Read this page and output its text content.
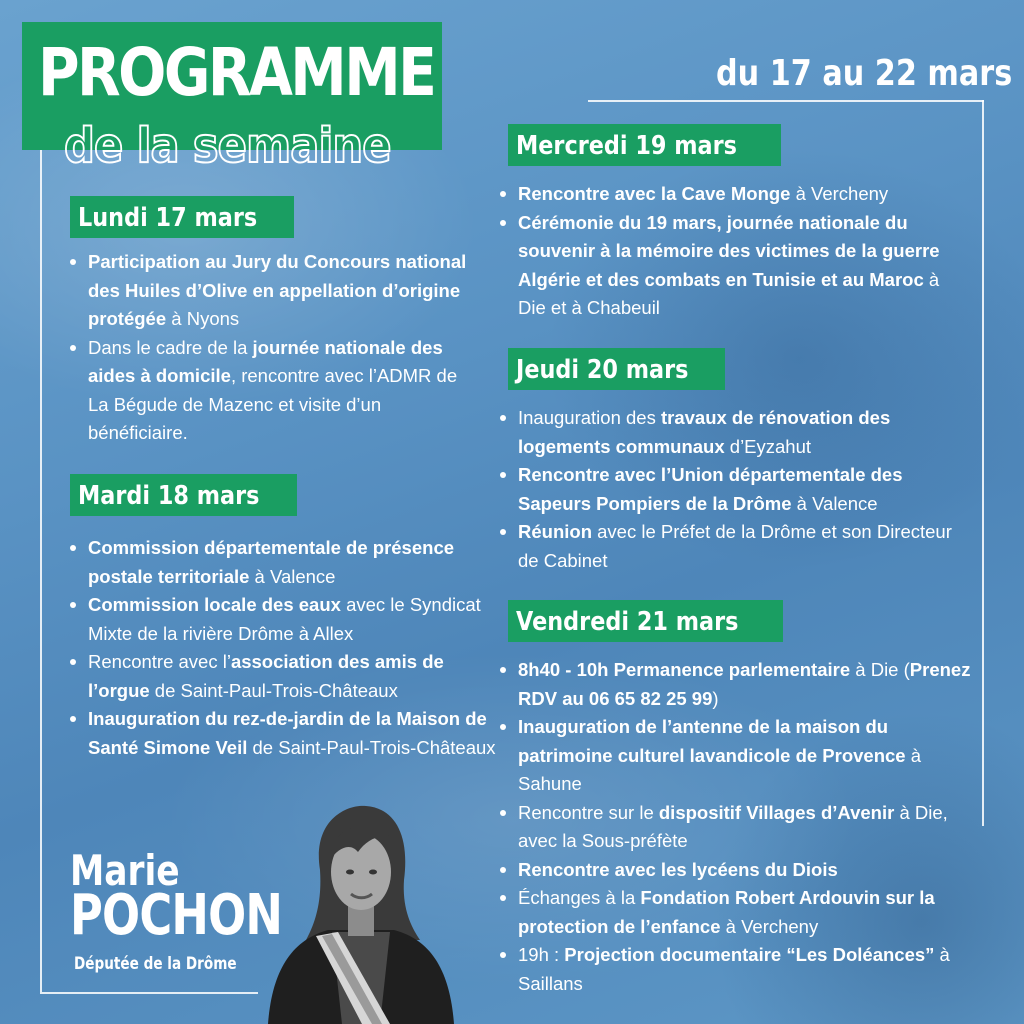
PROGRAMME
de la semaine
du 17 au 22 mars
Lundi 17 mars
Participation au Jury du Concours national des Huiles d’Olive en appellation d’origine protégée à Nyons
Dans le cadre de la journée nationale des aides à domicile, rencontre avec l’ADMR de La Bégude de Mazenc et visite d’un bénéficiaire.
Mardi 18 mars
Commission départementale de présence postale territoriale à Valence
Commission locale des eaux avec le Syndicat Mixte de la rivière Drôme à Allex
Rencontre avec l’association des amis de l’orgue de Saint-Paul-Trois-Châteaux
Inauguration du rez-de-jardin de la Maison de Santé Simone Veil de Saint-Paul-Trois-Châteaux
Mercredi 19 mars
Rencontre avec la Cave Monge à Vercheny
Cérémonie du 19 mars, journée nationale du souvenir à la mémoire des victimes de la guerre Algérie et des combats en Tunisie et au Maroc à Die et à Chabeuil
Jeudi 20 mars
Inauguration des travaux de rénovation des logements communaux d’Eyzahut
Rencontre avec l’Union départementale des Sapeurs Pompiers de la Drôme à Valence
Réunion avec le Préfet de la Drôme et son Directeur de Cabinet
Vendredi 21 mars
8h40 - 10h Permanence parlementaire à Die (Prenez RDV au 06 65 82 25 99)
Inauguration de l’antenne de la maison du patrimoine culturel lavandicole de Provence à Sahune
Rencontre sur le dispositif Villages d’Avenir à Die, avec la Sous-préfète
Rencontre avec les lycéens du Diois
Échanges à la Fondation Robert Ardouvin sur la protection de l’enfance à Vercheny
19h : Projection documentaire “Les Doléances” à Saillans
Marie
POCHON
Députée de la Drôme
